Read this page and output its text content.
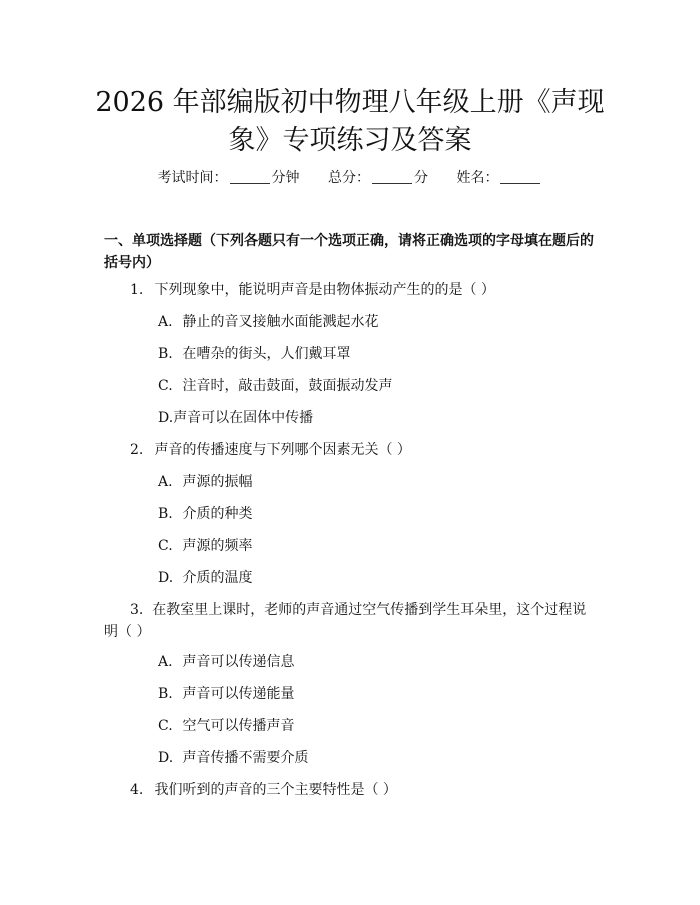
2026 年部编版初中物理八年级上册《声现
象》专项练习及答案
考试时间：	分钟 总分：	分 姓名：
一、单项选择题（下列各题只有一个选项正确，请将正确选项的字母填在题后的括号内）
1. 下列现象中，能说明声音是由物体振动产生的的是（ ）
A. 静止的音叉接触水面能溅起水花
B. 在嘈杂的街头，人们戴耳罩
C. 注音时，敲击鼓面，鼓面振动发声
D.声音可以在固体中传播
2. 声音的传播速度与下列哪个因素无关（ ）
A. 声源的振幅
B. 介质的种类
C. 声源的频率
D. 介质的温度
3. 在教室里上课时，老师的声音通过空气传播到学生耳朵里，这个过程说明（ ）
A. 声音可以传递信息
B. 声音可以传递能量
C. 空气可以传播声音
D. 声音传播不需要介质
4. 我们听到的声音的三个主要特性是（ ）
